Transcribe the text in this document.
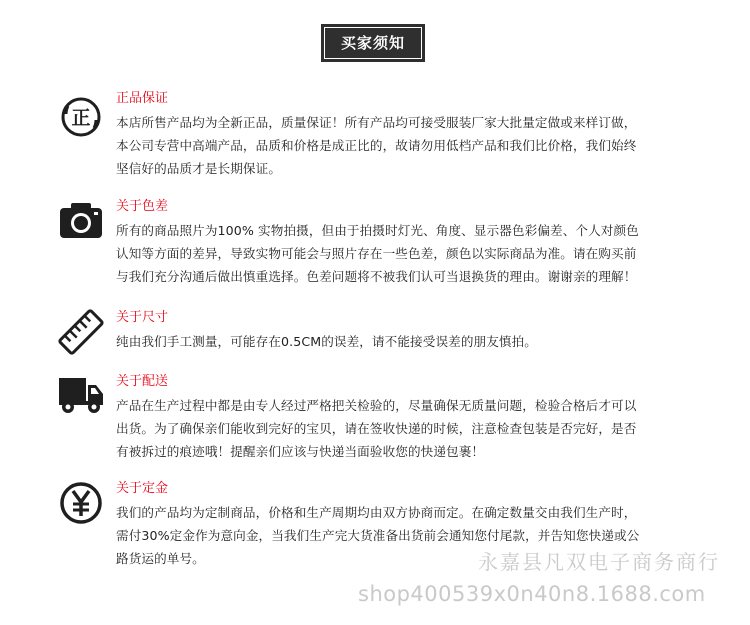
买家须知
正
正品保证
本店所售产品均为全新正品，质量保证！所有产品均可接受服装厂家大批量定做或来样订做，
本公司专营中高端产品，品质和价格是成正比的，故请勿用低档产品和我们比价格，我们始终
坚信好的品质才是长期保证。
关于色差
所有的商品照片为100% 实物拍摄，但由于拍摄时灯光、角度、显示器色彩偏差、个人对颜色
认知等方面的差异，导致实物可能会与照片存在一些色差，颜色以实际商品为准。请在购买前
与我们充分沟通后做出慎重选择。色差问题将不被我们认可当退换货的理由。谢谢亲的理解！
关于尺寸
纯由我们手工测量，可能存在0.5CM的误差，请不能接受误差的朋友慎拍。
关于配送
产品在生产过程中都是由专人经过严格把关检验的，尽量确保无质量问题，检验合格后才可以
出货。为了确保亲们能收到完好的宝贝，请在签收快递的时候，注意检查包装是否完好，是否
有被拆过的痕迹哦！提醒亲们应该与快递当面验收您的快递包裹！
关于定金
我们的产品均为定制商品，价格和生产周期均由双方协商而定。在确定数量交由我们生产时，
需付30%定金作为意向金，当我们生产完大货准备出货前会通知您付尾款，并告知您快递或公
路货运的单号。	永嘉县凡双电子商务商行
shop400539x0n40n8.1688.com
